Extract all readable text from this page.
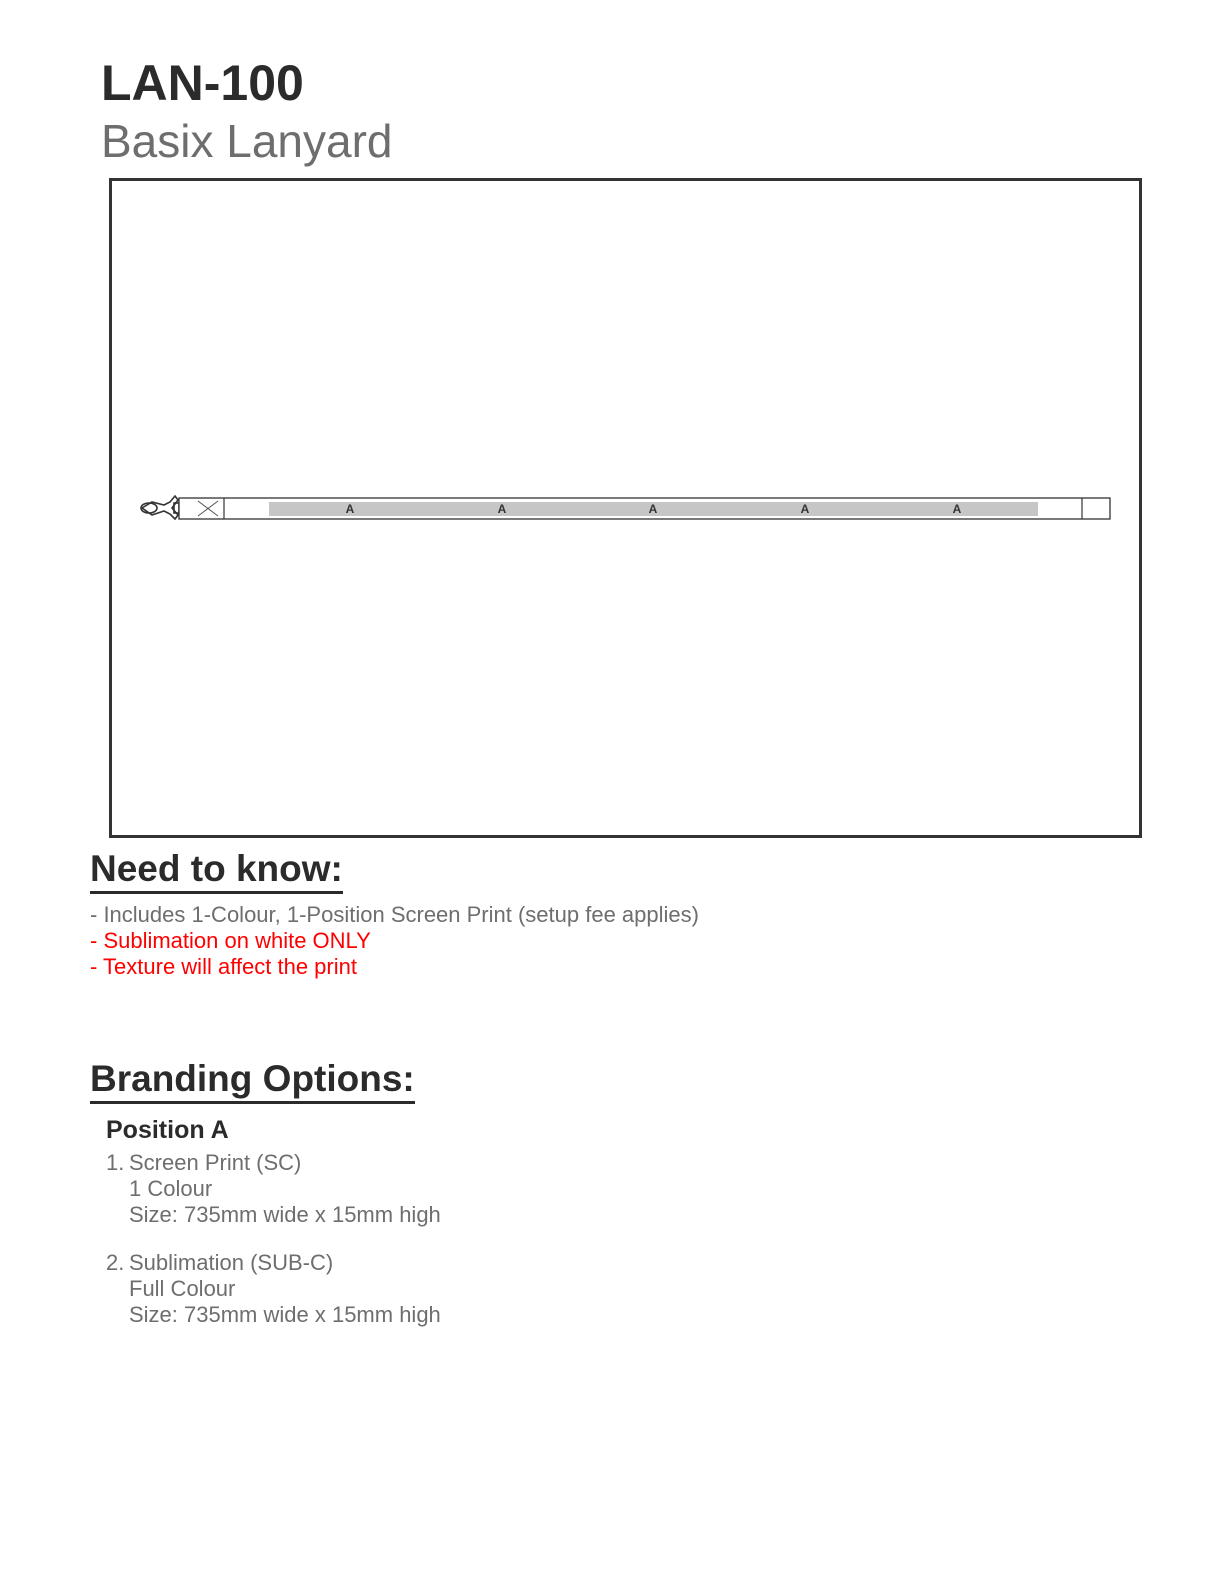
LAN-100
Basix Lanyard
A	A	A	A	A
Need to know:
- Includes 1-Colour, 1-Position Screen Print (setup fee applies)
- Sublimation on white ONLY
- Texture will affect the print
Branding Options:
Position A
1. Screen Print (SC)
1 Colour
Size: 735mm wide x 15mm high
2. Sublimation (SUB-C)
Full Colour
Size: 735mm wide x 15mm high
